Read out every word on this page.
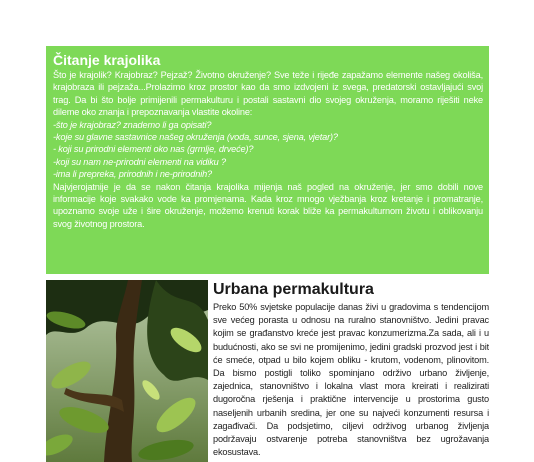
Čitanje krajolika

Što je krajolik? Krajobraz? Pejzaž? Životno okruženje? Sve teže i rijeđe zapažamo elemente našeg okoliša, krajobraza ili pejzaža...Prolazimo kroz prostor kao da smo izdvojeni iz svega, predatorski ostavljajući svoj trag. Da bi što bolje primijenili permakulturu i postali sastavni dio svojeg okruženja, moramo riješiti neke dileme oko znanja i prepoznavanja vlastite okoline:
-što je krajobraz? znademo li ga opisati?
-koje su glavne sastavnice našeg okruženja (voda, sunce, sjena, vjetar)?
- koji su prirodni elementi oko nas (grmlje, drveće)?
-koji su nam ne-prirodni elementi na vidiku ?
-ima li prepreka, prirodnih i ne-prirodnih?
Najvjerojatnije je da se nakon čitanja krajolika mijenja naš pogled na okruženje, jer smo dobili nove informacije koje svakako vode ka promjenama. Kada kroz mnogo vježbanja kroz kretanje i promatranje, upoznamo svoje uže i šire okruženje, možemo krenuti korak bliže ka permakulturnom životu i oblikovanju svog životnog prostora.

Urbana permakultura

Preko 50% svjetske populacije danas živi u gradovima s tendencijom sve većeg porasta u odnosu na ruralno stanovništvo. Jedini pravac kojim se građanstvo kreće jest pravac konzumerizma.Za sada, ali i u budućnosti, ako se svi ne promijenimo, jedini gradski prozvod jest i bit će smeće, otpad u bilo kojem obliku - krutom, vodenom, plinovitom. Da bismo postigli toliko spominjano održivo urbano življenje, zajednica, stanovništvo i lokalna vlast mora kreirati i realizirati dugoročna rješenja i praktične intervencije u prostorima gusto naseljenih urbanih sredina, jer one su najveći konzumenti resursa i zagađivači. Da podsjetimo, ciljevi održivog urbanog življenja podržavaju ostvarenje potreba stanovništva bez ugrožavanja ekosustava.
